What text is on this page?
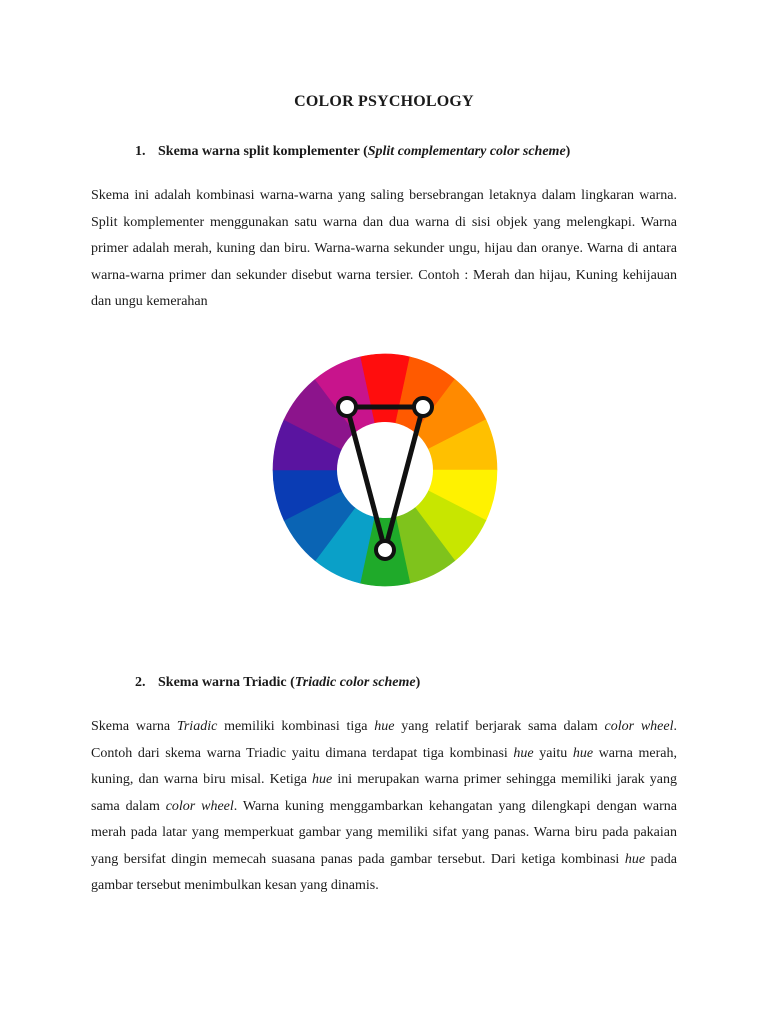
COLOR PSYCHOLOGY
1. Skema warna split komplementer (Split complementary color scheme)

Skema ini adalah kombinasi warna-warna yang saling bersebrangan letaknya dalam lingkaran warna. Split komplementer menggunakan satu warna dan dua warna di sisi objek yang melengkapi. Warna primer adalah merah, kuning dan biru. Warna-warna sekunder ungu, hijau dan oranye. Warna di antara warna-warna primer dan sekunder disebut warna tersier. Contoh : Merah dan hijau, Kuning kehijauan dan ungu kemerahan

2. Skema warna Triadic (Triadic color scheme)

Skema warna Triadic memiliki kombinasi tiga hue yang relatif berjarak sama dalam color wheel. Contoh dari skema warna Triadic yaitu dimana terdapat tiga kombinasi hue yaitu hue warna merah, kuning, dan warna biru misal. Ketiga hue ini merupakan warna primer sehingga memiliki jarak yang sama dalam color wheel. Warna kuning menggambarkan kehangatan yang dilengkapi dengan warna merah pada latar yang memperkuat gambar yang memiliki sifat yang panas. Warna biru pada pakaian yang bersifat dingin memecah suasana panas pada gambar tersebut. Dari ketiga kombinasi hue pada gambar tersebut menimbulkan kesan yang dinamis.
